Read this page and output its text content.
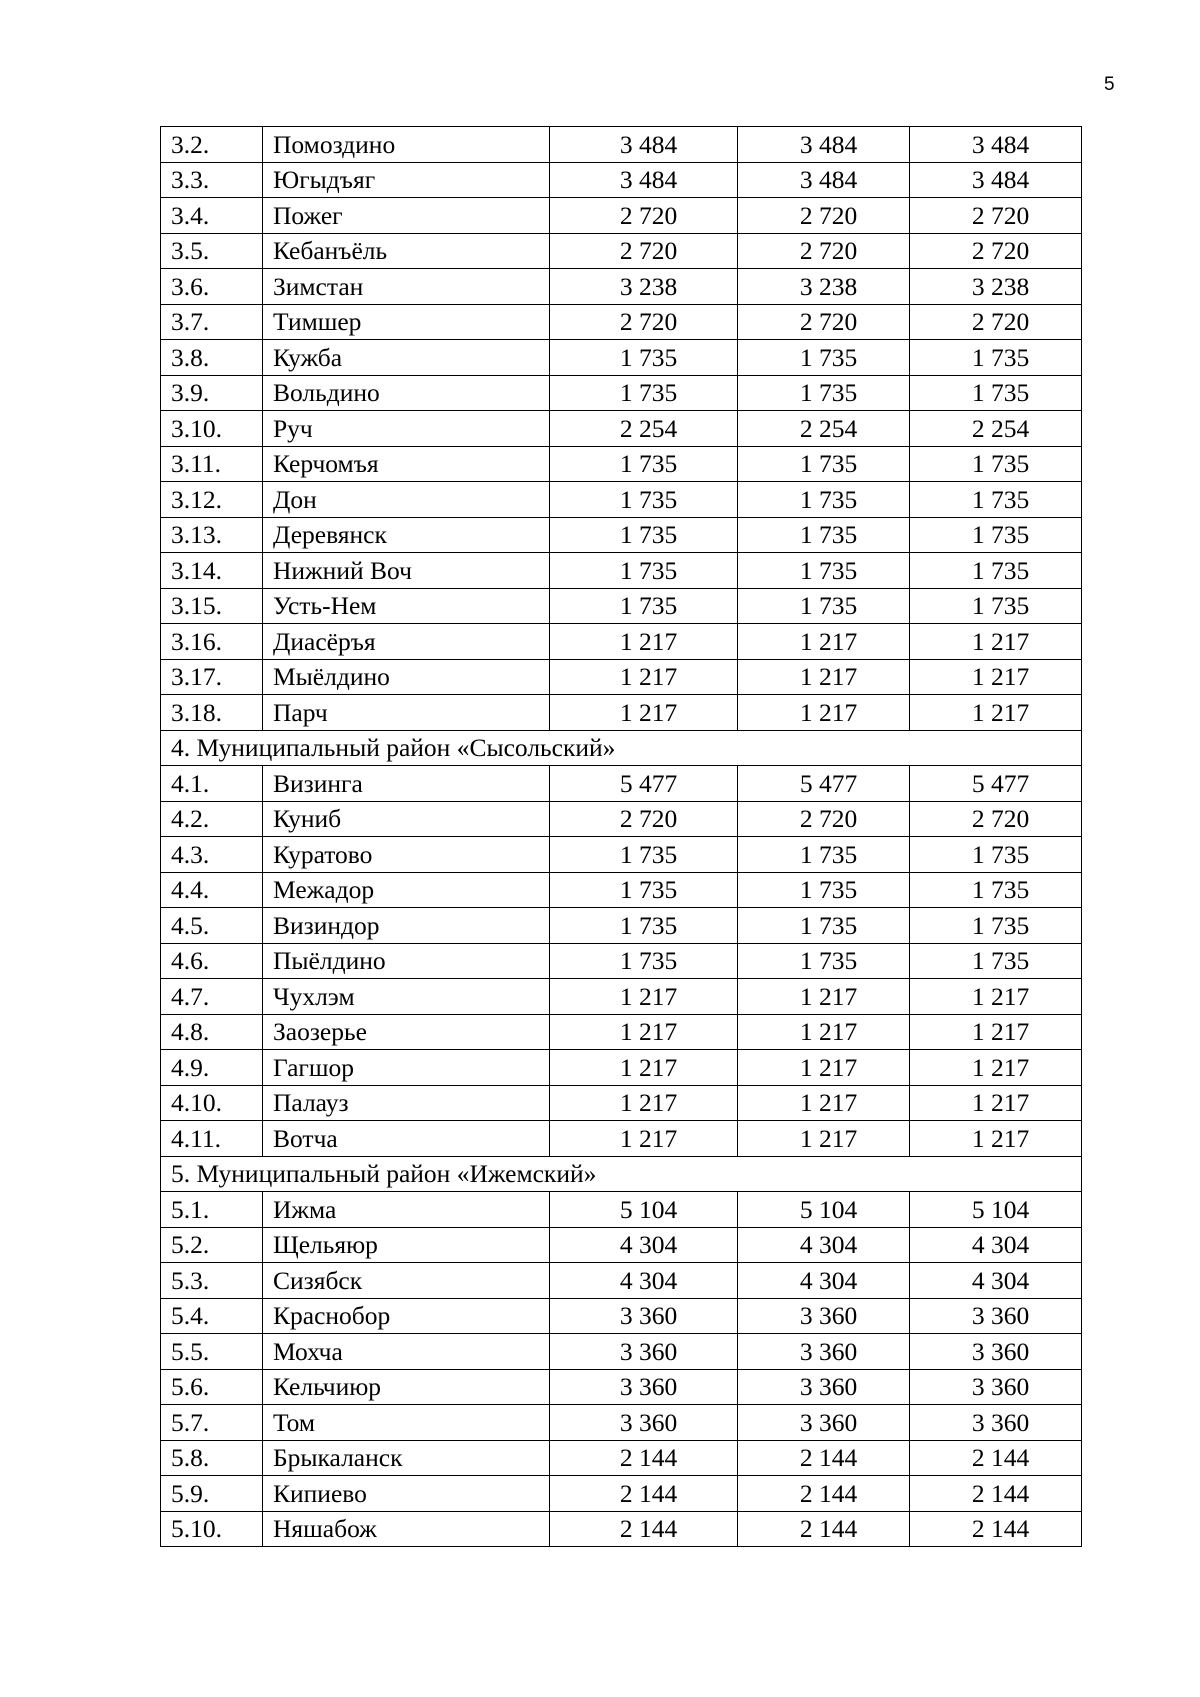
5
3.2.	Помоздино	3 484	3 484	3 484
3.3.	Югыдъяг	3 484	3 484	3 484
3.4.	Пожег	2 720	2 720	2 720
3.5.	Кебанъёль	2 720	2 720	2 720
3.6.	Зимстан	3 238	3 238	3 238
3.7.	Тимшер	2 720	2 720	2 720
3.8.	Кужба	1 735	1 735	1 735
3.9.	Вольдино	1 735	1 735	1 735
3.10.	Руч	2 254	2 254	2 254
3.11.	Керчомъя	1 735	1 735	1 735
3.12.	Дон	1 735	1 735	1 735
3.13.	Деревянск	1 735	1 735	1 735
3.14.	Нижний Воч	1 735	1 735	1 735
3.15.	Усть-Нем	1 735	1 735	1 735
3.16.	Диасёръя	1 217	1 217	1 217
3.17.	Мыёлдино	1 217	1 217	1 217
3.18.	Парч	1 217	1 217	1 217
4. Муниципальный район «Сысольский»				
4.1.	Визинга	5 477	5 477	5 477
4.2.	Куниб	2 720	2 720	2 720
4.3.	Куратово	1 735	1 735	1 735
4.4.	Межадор	1 735	1 735	1 735
4.5.	Визиндор	1 735	1 735	1 735
4.6.	Пыёлдино	1 735	1 735	1 735
4.7.	Чухлэм	1 217	1 217	1 217
4.8.	Заозерье	1 217	1 217	1 217
4.9.	Гагшор	1 217	1 217	1 217
4.10.	Палауз	1 217	1 217	1 217
4.11.	Вотча	1 217	1 217	1 217
5. Муниципальный район «Ижемский»				
5.1.	Ижма	5 104	5 104	5 104
5.2.	Щельяюр	4 304	4 304	4 304
5.3.	Сизябск	4 304	4 304	4 304
5.4.	Краснобор	3 360	3 360	3 360
5.5.	Мохча	3 360	3 360	3 360
5.6.	Кельчиюр	3 360	3 360	3 360
5.7.	Том	3 360	3 360	3 360
5.8.	Брыкаланск	2 144	2 144	2 144
5.9.	Кипиево	2 144	2 144	2 144
5.10.	Няшабож	2 144	2 144	2 144
